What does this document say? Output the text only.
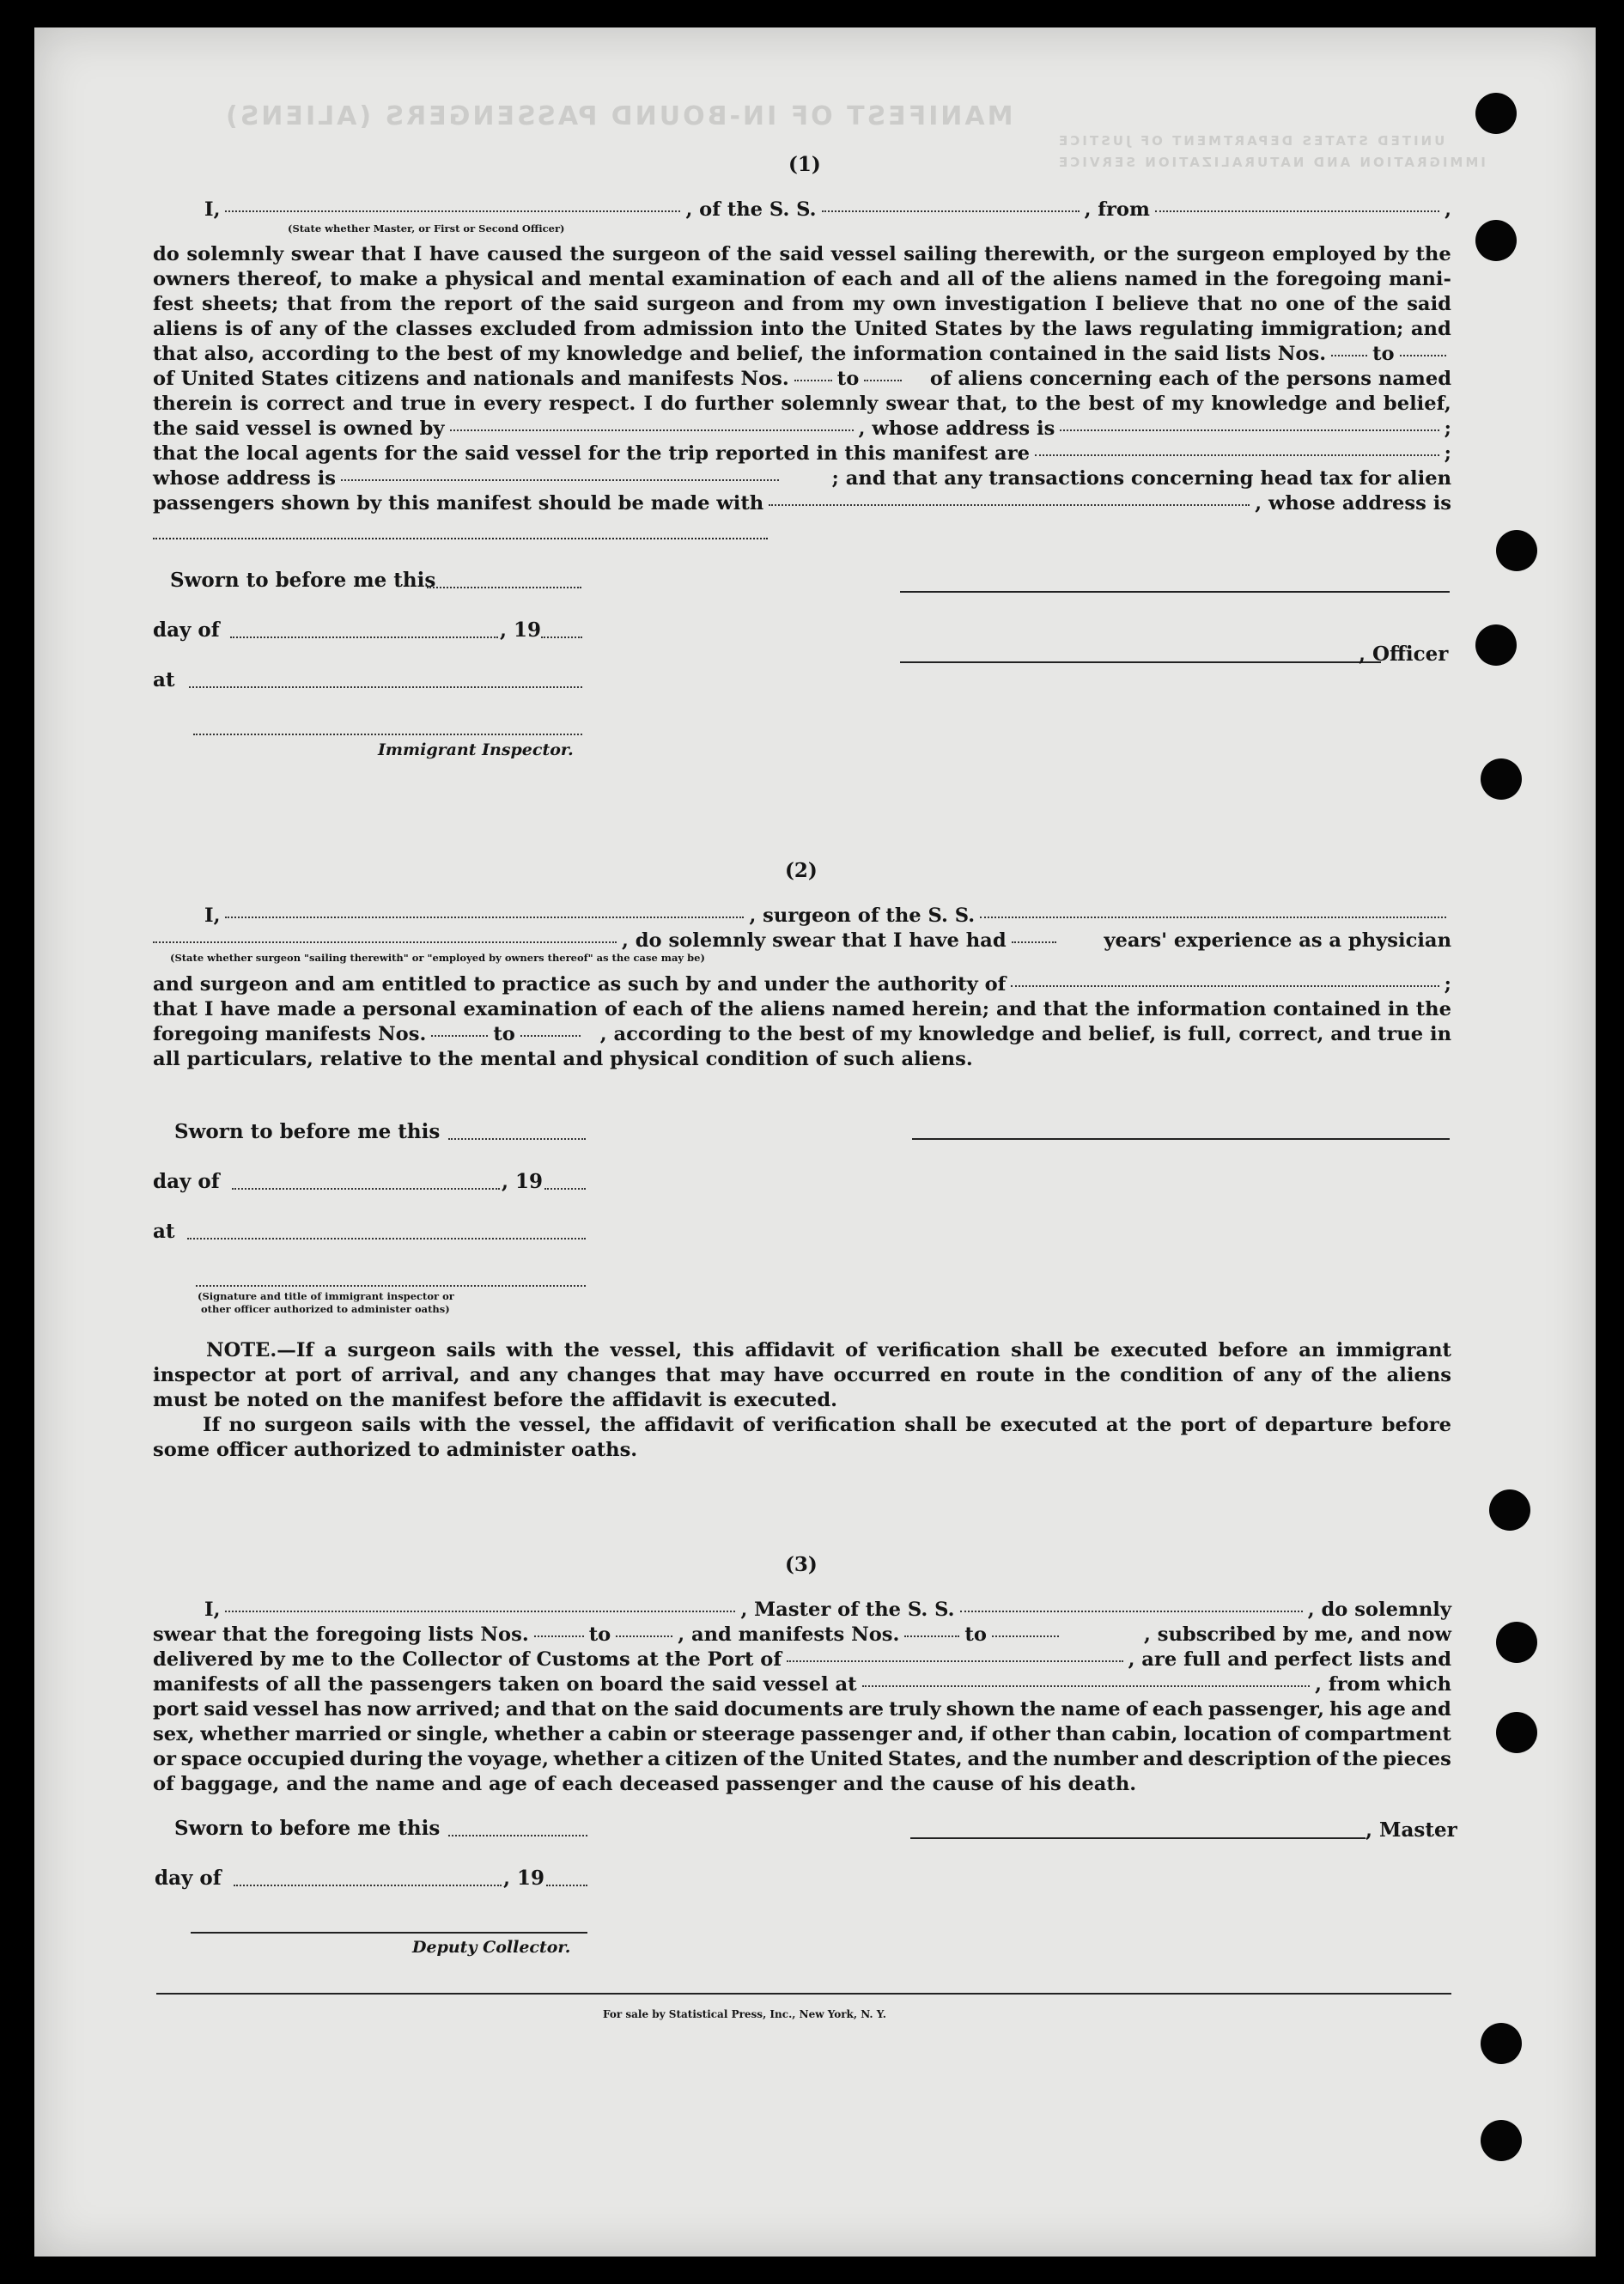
MANIFEST OF IN-BOUND PASSENGERS (ALIENS)
UNITED STATES DEPARTMENT OF JUSTICE
IMMIGRATION AND NATURALIZATION SERVICE
(1)
I,	, of the S. S.	, from	,
(State whether Master, or First or Second Officer)
do solemnly swear that I have caused the surgeon of the said vessel sailing therewith, or the surgeon employed by the
owners thereof, to make a physical and mental examination of each and all of the aliens named in the foregoing mani-
fest sheets; that from the report of the said surgeon and from my own investigation I believe that no one of the said
aliens is of any of the classes excluded from admission into the United States by the laws regulating immigration; and
that also, according to the best of my knowledge and belief, the information contained in the said lists Nos. to
of United States citizens and nationals and manifests Nos. to	of aliens concerning each of the persons named
therein is correct and true in every respect. I do further solemnly swear that, to the best of my knowledge and belief,
the said vessel is owned by	, whose address is	;
that the local agents for the said vessel for the trip reported in this manifest are	;
whose address is	; and that any transactions concerning head tax for alien
passengers shown by this manifest should be made with	, whose address is
Sworn to before me this
day of	, 19
at
Immigrant Inspector.
, Officer
(2)
I,	, surgeon of the S. S.
, do solemnly swear that I have had	years' experience as a physician
(State whether surgeon "sailing therewith" or "employed by owners thereof" as the case may be)
and surgeon and am entitled to practice as such by and under the authority of	;
that I have made a personal examination of each of the aliens named herein; and that the information contained in the
foregoing manifests Nos.	to	, according to the best of my knowledge and belief, is full, correct, and true in
all particulars, relative to the mental and physical condition of such aliens.
Sworn to before me this
day of	, 19
at
(Signature and title of immigrant inspector or
other officer authorized to administer oaths)
NOTE.—If a surgeon sails with the vessel, this affidavit of verification shall be executed before an immigrant inspector at port of arrival, and any changes that may have occurred en route in the condition of any of the aliens must be noted on the manifest before the affidavit is executed.
If no surgeon sails with the vessel, the affidavit of verification shall be executed at the port of departure before some officer authorized to administer oaths.
(3)
I,	, Master of the S. S.	, do solemnly
swear that the foregoing lists Nos.	to	, and manifests Nos.	to	, subscribed by me, and now
delivered by me to the Collector of Customs at the Port of	, are full and perfect lists and
manifests of all the passengers taken on board the said vessel at	, from which
port said vessel has now arrived; and that on the said documents are truly shown the name of each passenger, his age and
sex, whether married or single, whether a cabin or steerage passenger and, if other than cabin, location of compartment
or space occupied during the voyage, whether a citizen of the United States, and the number and description of the pieces
of baggage, and the name and age of each deceased passenger and the cause of his death.
Sworn to before me this
day of	, 19
Deputy Collector.
, Master
For sale by Statistical Press, Inc., New York, N. Y.
